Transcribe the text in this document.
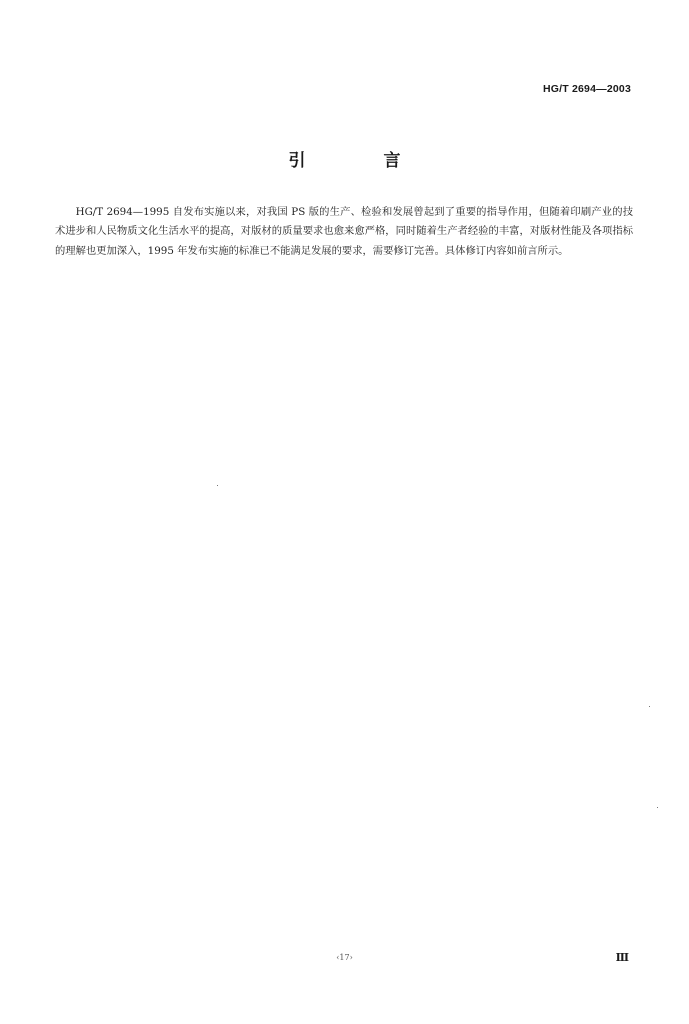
HG/T 2694—2003
引 言

HG/T 2694—1995 自发布实施以来，对我国 PS 版的生产、检验和发展曾起到了重要的指导作用，但随着印刷产业的技术进步和人民物质文化生活水平的提高，对版材的质量要求也愈来愈严格，同时随着生产者经验的丰富，对版材性能及各项指标的理解也更加深入，1995 年发布实施的标准已不能满足发展的要求，需要修订完善。具体修订内容如前言所示。

‹17›	Ⅲ
